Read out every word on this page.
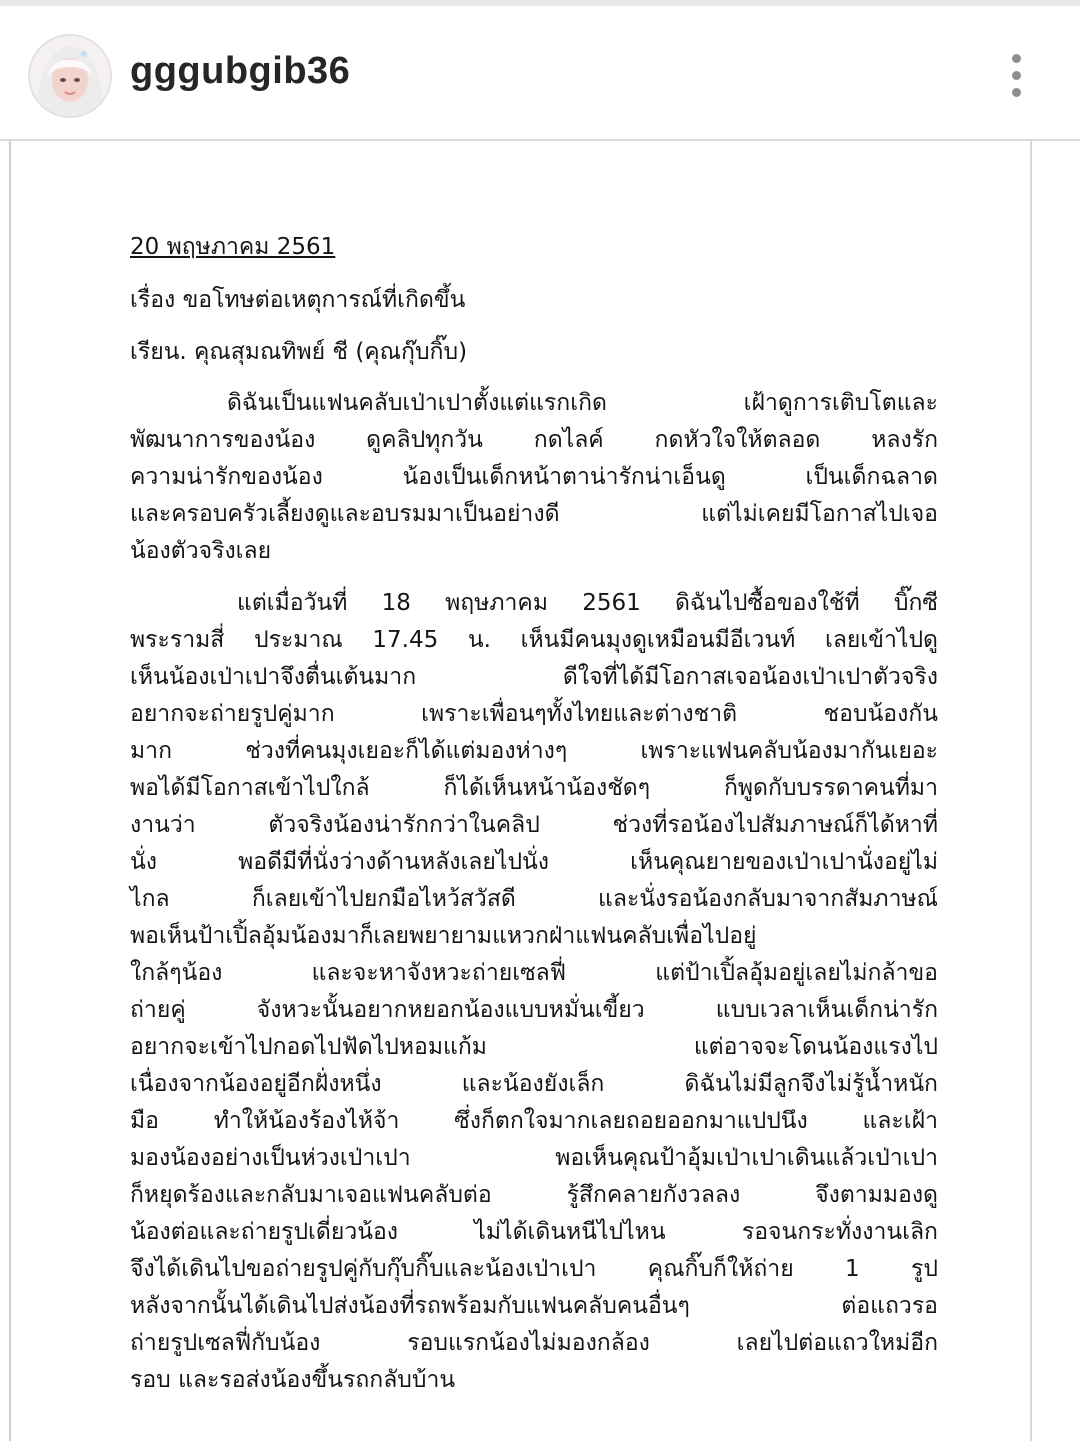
gggubgib36
20 พฤษภาคม 2561
เรื่อง ขอโทษต่อเหตุการณ์ที่เกิดขึ้น
เรียน. คุณสุมณทิพย์ ชี (คุณกุ๊บกิ๊บ)
ดิฉันเป็นแฟนคลับเป่าเปาตั้งแต่แรกเกิด เฝ้าดูการเติบโตและ
พัฒนาการของน้อง ดูคลิปทุกวัน กดไลค์ กดหัวใจให้ตลอด หลงรัก
ความน่ารักของน้อง น้องเป็นเด็กหน้าตาน่ารักน่าเอ็นดู เป็นเด็กฉลาด
และครอบครัวเลี้ยงดูและอบรมมาเป็นอย่างดี แต่ไม่เคยมีโอกาสไปเจอ
น้องตัวจริงเลย
แต่เมื่อวันที่ 18 พฤษภาคม 2561 ดิฉันไปซื้อของใช้ที่ บิ๊กซี
พระรามสี่ ประมาณ 17.45 น. เห็นมีคนมุงดูเหมือนมีอีเวนท์ เลยเข้าไปดู
เห็นน้องเป่าเปาจึงตื่นเต้นมาก ดีใจที่ได้มีโอกาสเจอน้องเป่าเปาตัวจริง
อยากจะถ่ายรูปคู่มาก เพราะเพื่อนๆทั้งไทยและต่างชาติ ชอบน้องกัน
มาก ช่วงที่คนมุงเยอะก็ได้แต่มองห่างๆ เพราะแฟนคลับน้องมากันเยอะ
พอได้มีโอกาสเข้าไปใกล้ ก็ได้เห็นหน้าน้องชัดๆ ก็พูดกับบรรดาคนที่มา
งานว่า ตัวจริงน้องน่ารักกว่าในคลิป ช่วงที่รอน้องไปสัมภาษณ์ก็ได้หาที่
นั่ง พอดีมีที่นั่งว่างด้านหลังเลยไปนั่ง เห็นคุณยายของเป่าเปานั่งอยู่ไม่
ไกล ก็เลยเข้าไปยกมือไหว้สวัสดี และนั่งรอน้องกลับมาจากสัมภาษณ์
พอเห็นป้าเปิ้ลอุ้มน้องมาก็เลยพยายามแหวกฝ่าแฟนคลับเพื่อไปอยู่
ใกล้ๆน้อง และจะหาจังหวะถ่ายเซลฟี่ แต่ป้าเปิ้ลอุ้มอยู่เลยไม่กล้าขอ
ถ่ายคู่ จังหวะนั้นอยากหยอกน้องแบบหมั่นเขี้ยว แบบเวลาเห็นเด็กน่ารัก
อยากจะเข้าไปกอดไปฟัดไปหอมแก้ม แต่อาจจะโดนน้องแรงไป
เนื่องจากน้องอยู่อีกฝั่งหนึ่ง และน้องยังเล็ก ดิฉันไม่มีลูกจึงไม่รู้น้ำหนัก
มือ ทำให้น้องร้องไห้จ้า ซึ่งก็ตกใจมากเลยถอยออกมาแปปนึง และเฝ้า
มองน้องอย่างเป็นห่วงเป่าเปา พอเห็นคุณป้าอุ้มเป่าเปาเดินแล้วเป่าเปา
ก็หยุดร้องและกลับมาเจอแฟนคลับต่อ รู้สึกคลายกังวลลง จึงตามมองดู
น้องต่อและถ่ายรูปเดี่ยวน้อง ไม่ได้เดินหนีไปไหน รอจนกระทั่งงานเลิก
จึงได้เดินไปขอถ่ายรูปคู่กับกุ๊บกิ๊บและน้องเป่าเปา คุณกิ๊บก็ให้ถ่าย 1 รูป
หลังจากนั้นได้เดินไปส่งน้องที่รถพร้อมกับแฟนคลับคนอื่นๆ ต่อแถวรอ
ถ่ายรูปเซลฟี่กับน้อง รอบแรกน้องไม่มองกล้อง เลยไปต่อแถวใหม่อีก
รอบ และรอส่งน้องขึ้นรถกลับบ้าน
